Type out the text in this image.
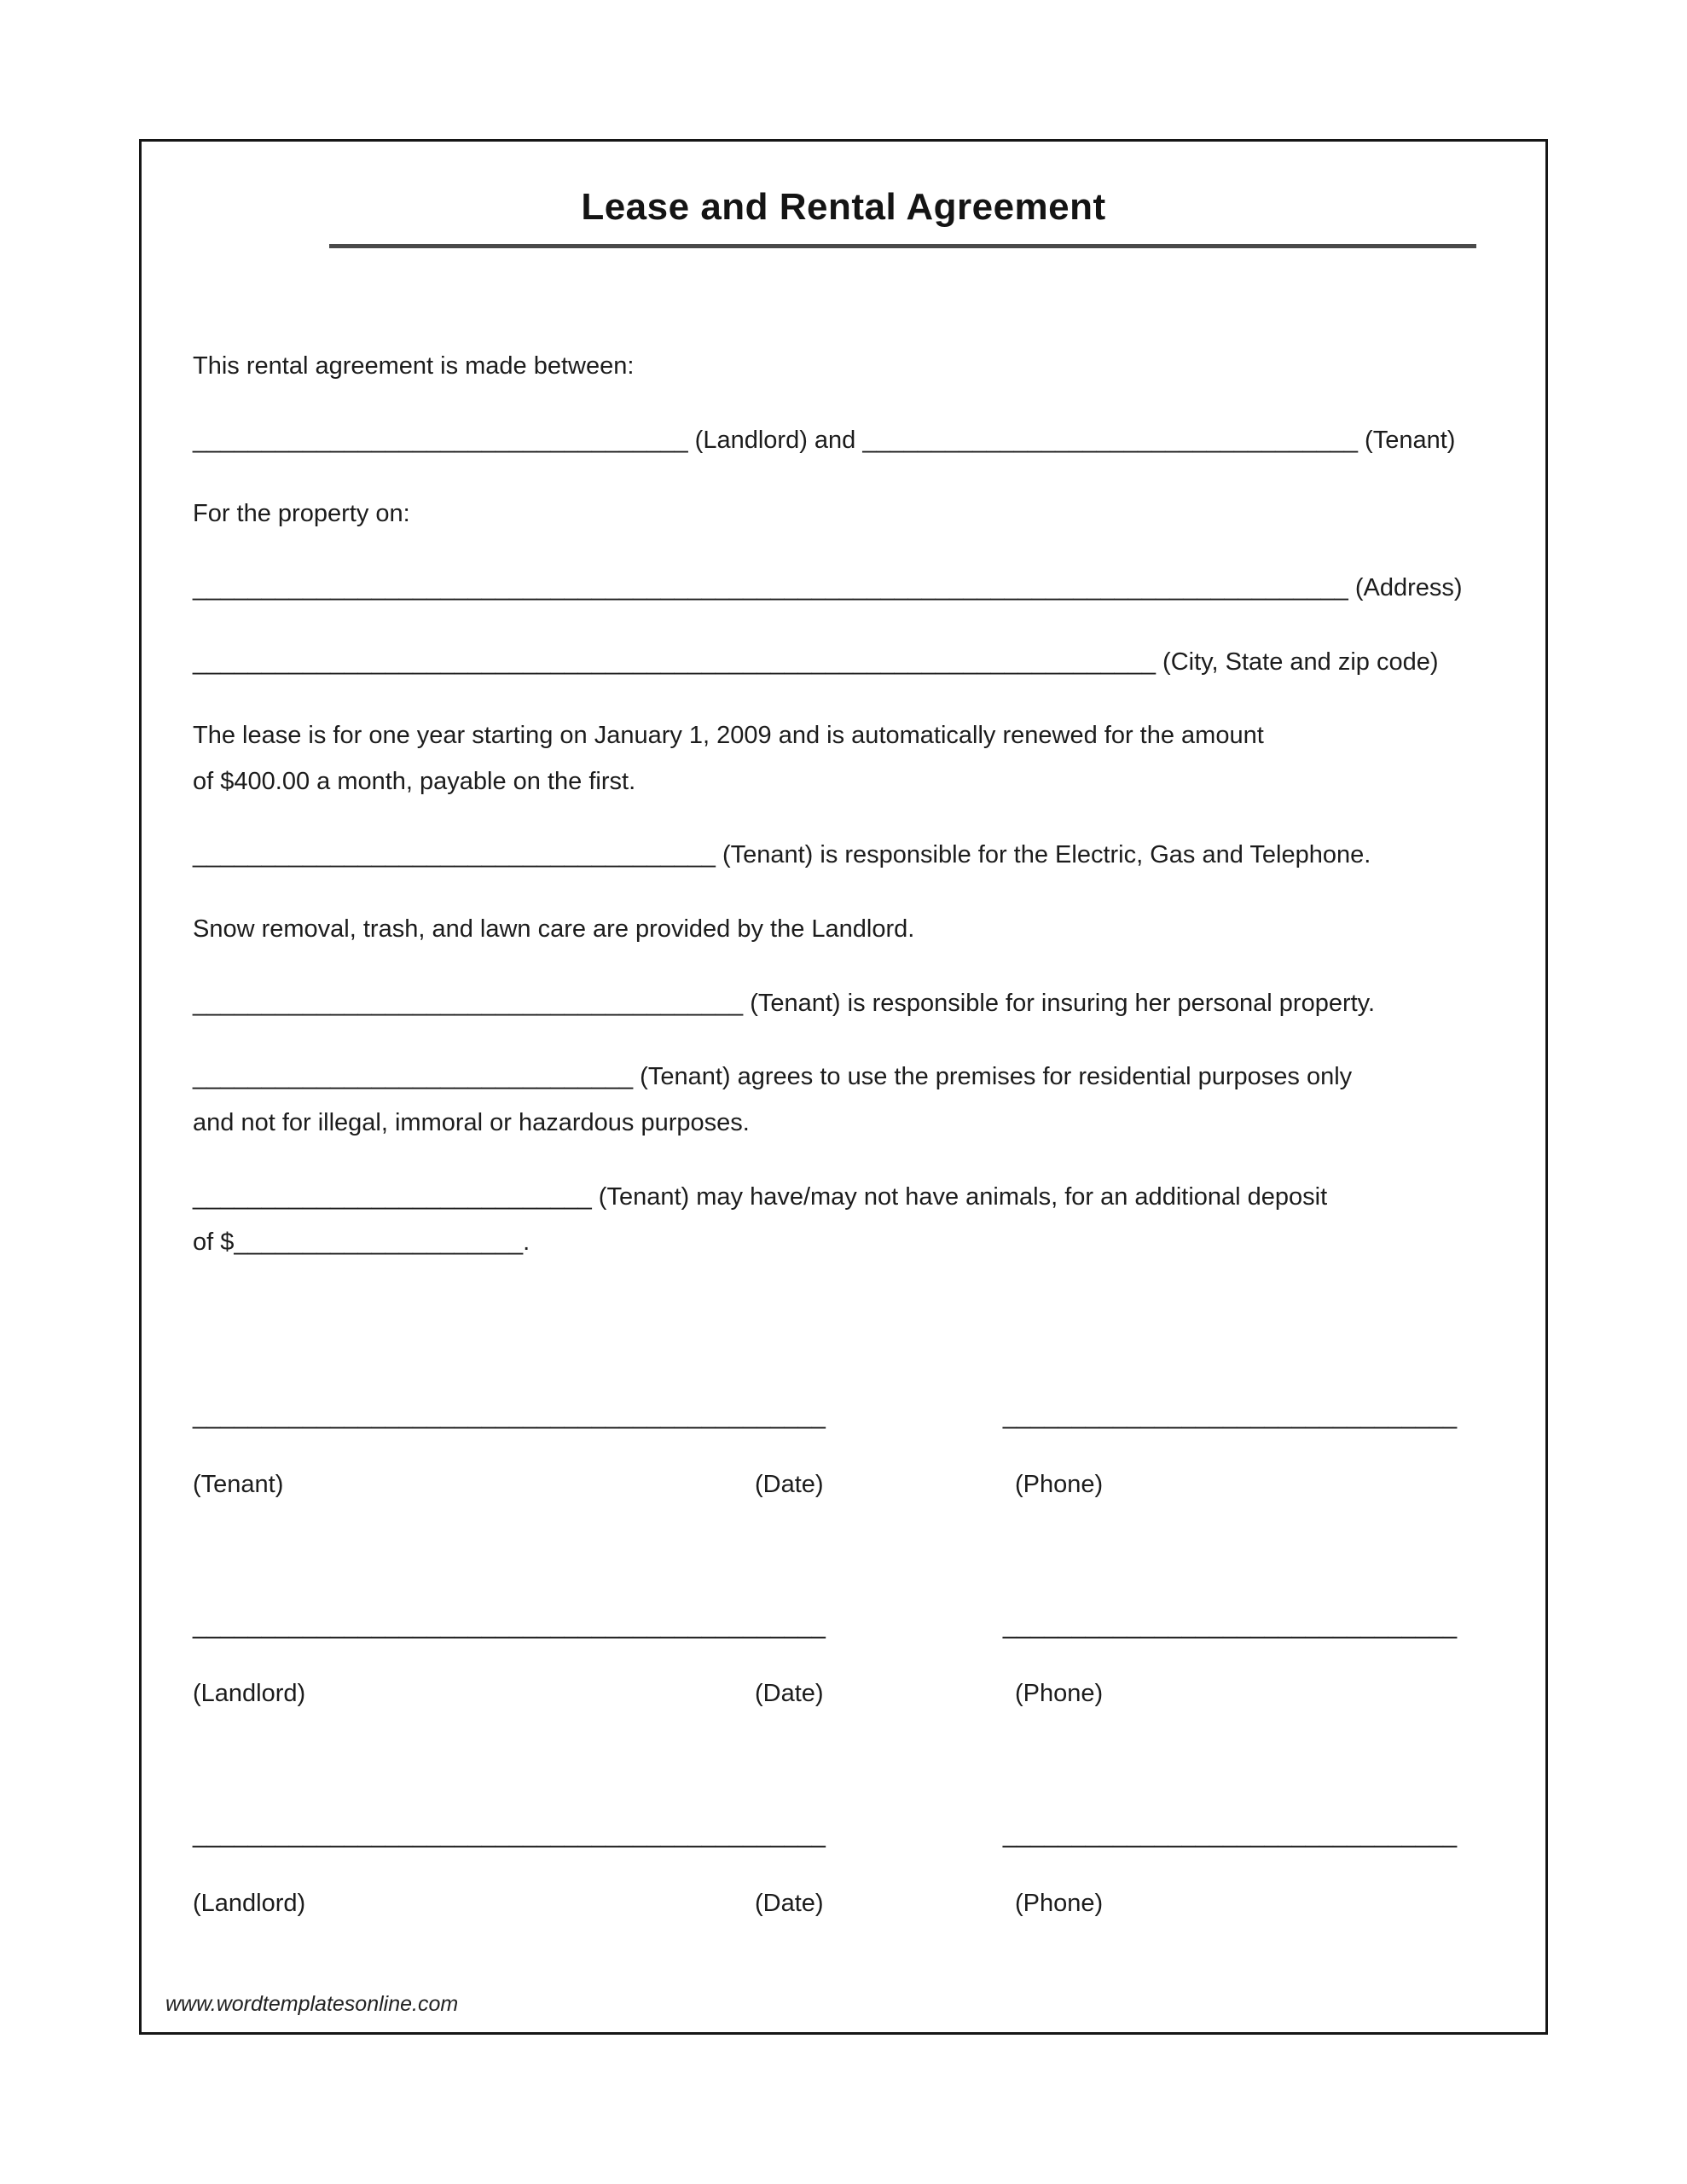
Lease and Rental Agreement

This rental agreement is made between:

____________________________________ (Landlord) and ____________________________________ (Tenant)

For the property on:

____________________________________________________________________________________ (Address)

______________________________________________________________________ (City, State and zip code)

The lease is for one year starting on January 1, 2009 and is automatically renewed for the amount
of $400.00 a month, payable on the first.

______________________________________ (Tenant) is responsible for the Electric, Gas and Telephone.

Snow removal, trash, and lawn care are provided by the Landlord.

________________________________________ (Tenant) is responsible for insuring her personal property.

________________________________ (Tenant) agrees to use the premises for residential purposes only
and not for illegal, immoral or hazardous purposes.

_____________________________ (Tenant) may have/may not have animals, for an additional deposit
of $_____________________.

______________________________________________	_________________________________
(Tenant)	(Date)	(Phone)
______________________________________________	_________________________________
(Landlord)	(Date)	(Phone)
______________________________________________	_________________________________
(Landlord)	(Date)	(Phone)
www.wordtemplatesonline.com
